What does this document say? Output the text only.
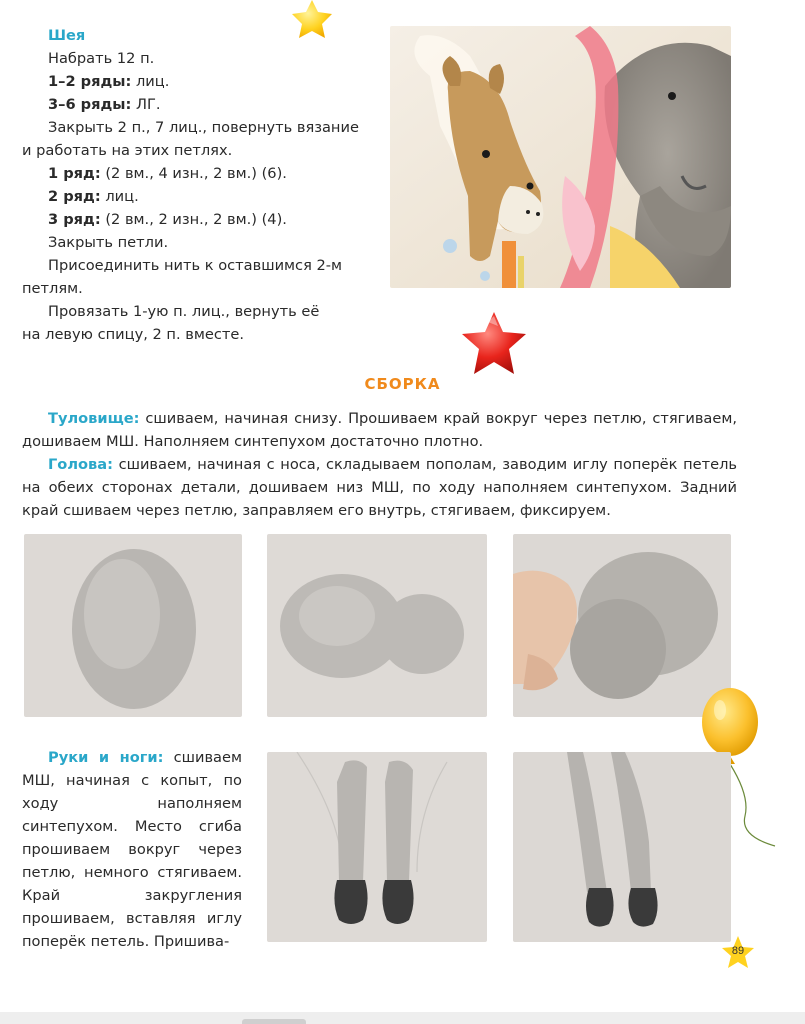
Шея

Набрать 12 п.

1–2 ряды: лиц.

3–6 ряды: ЛГ.

Закрыть 2 п., 7 лиц., повернуть вязание

и работать на этих петлях.

1 ряд: (2 вм., 4 изн., 2 вм.) (6).

2 ряд: лиц.

3 ряд: (2 вм., 2 изн., 2 вм.) (4).

Закрыть петли.

Присоединить нить к оставшимся 2-м

петлям.

Провязать 1-ую п. лиц., вернуть её

на левую спицу, 2 п. вместе.

СБОРКА

Туловище: сшиваем, начиная снизу. Прошиваем край вокруг через петлю, стягиваем, дошиваем МШ. Наполняем синтепухом достаточно плотно.

Голова: сшиваем, начиная с носа, складываем пополам, заводим иглу поперёк петель на обеих сторонах детали, дошиваем низ МШ, по ходу наполняем синтепухом. Задний край сшиваем через петлю, заправляем его внутрь, стягиваем, фиксируем.

Руки и ноги: сшиваем МШ, начиная с копыт, по ходу наполняем синтепухом. Место сгиба прошиваем вокруг через петлю, немного стягиваем. Край закругления прошиваем, вставляя иглу поперёк петель. Пришива-

89
